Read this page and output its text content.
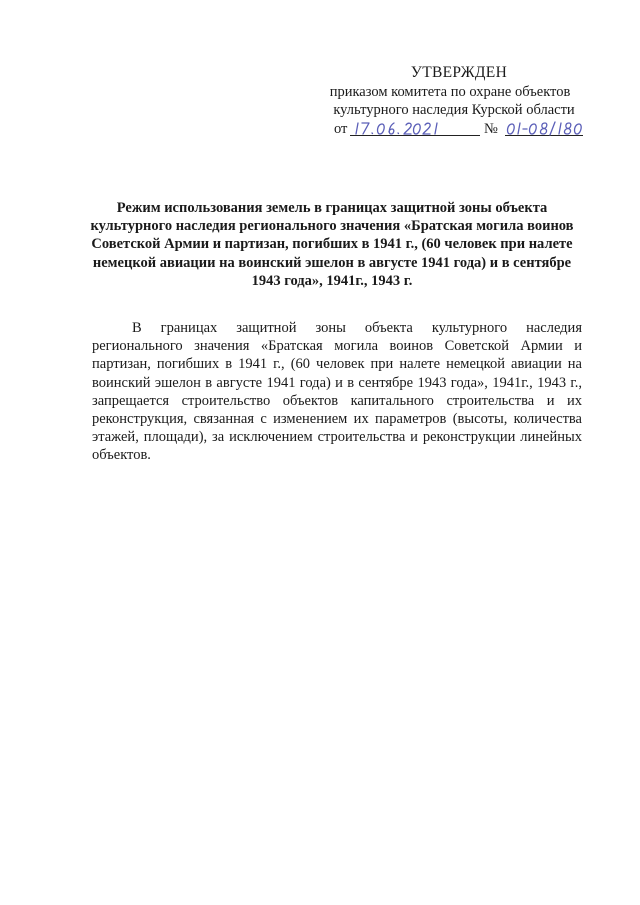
УТВЕРЖДЕН
приказом комитета по охране объектов
культурного наследия Курской области
от	№
Режим использования земель в границах защитной зоны объекта культурного наследия регионального значения «Братская могила воинов Советской Армии и партизан, погибших в 1941 г., (60 человек при налете немецкой авиации на воинский эшелон в августе 1941 года) и в сентябре 1943 года», 1941г., 1943 г.
В границах защитной зоны объекта культурного наследия регионального значения «Братская могила воинов Советской Армии и партизан, погибших в 1941 г., (60 человек при налете немецкой авиации на воинский эшелон в августе 1941 года) и в сентябре 1943 года», 1941г., 1943 г., запрещается строительство объектов капитального строительства и их реконструкция, связанная с изменением их параметров (высоты, количества этажей, площади), за исключением строительства и реконструкции линейных объектов.
